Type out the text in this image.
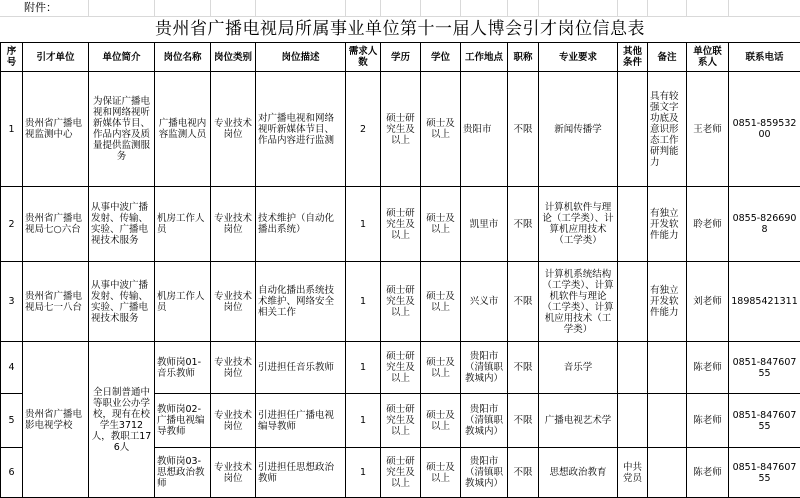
附件：
贵州省广播电视局所属事业单位第十一届人博会引才岗位信息表
序号	引才单位	单位简介	岗位名称	岗位类别	岗位描述	需求人数	学历	学位	工作地点	职称	专业要求	其他条件	备注	单位联系人	联系电话
1	贵州省广播电视监测中心	为保证广播电视和网络视听新媒体节目、作品内容及质量提供监测服务	广播电视内容监测人员	专业技术岗位	对广播电视和网络视听新媒体节目、作品内容进行监测	2	硕士研究生及以上	硕士及以上	贵阳市	不限	新闻传播学		具有较强文字功底及意识形态工作研判能力	王老师	0851-85953200
2	贵州省广播电视局七○六台	从事中波广播发射、传输、实验、广播电视技术服务	机房工作人员	专业技术岗位	技术维护（自动化播出系统）	1	硕士研究生及以上	硕士及以上	凯里市	不限	计算机软件与理论（工学类）、计算机应用技术（工学类）		有独立开发软件能力	聆老师	0855-8266908
3	贵州省广播电视局七一八台	从事中波广播发射、传输、实验、广播电视技术服务	机房工作人员	专业技术岗位	自动化播出系统技术维护、网络安全相关工作	1	硕士研究生及以上	硕士及以上	兴义市	不限	计算机系统结构（工学类）、计算机软件与理论（工学类）、计算机应用技术（工学类）		有独立开发软件能力	刘老师	18985421311
4	贵州省广播电影电视学校	全日制普通中等职业公办学校，现有在校学生3712人，教职工176人	教师岗01-音乐教师	专业技术岗位	引进担任音乐教师	1	硕士研究生及以上	硕士及以上	贵阳市（清镇职教城内）	不限	音乐学			陈老师	0851-84760755
5			教师岗02-广播电视编导教师	专业技术岗位	引进担任广播电视编导教师	1	硕士研究生及以上	硕士及以上	贵阳市（清镇职教城内）	不限	广播电视艺术学			陈老师	0851-84760755
6			教师岗03-思想政治教师	专业技术岗位	引进担任思想政治教师	1	硕士研究生及以上	硕士及以上	贵阳市（清镇职教城内）	不限	思想政治教育	中共党员		陈老师	0851-84760755
